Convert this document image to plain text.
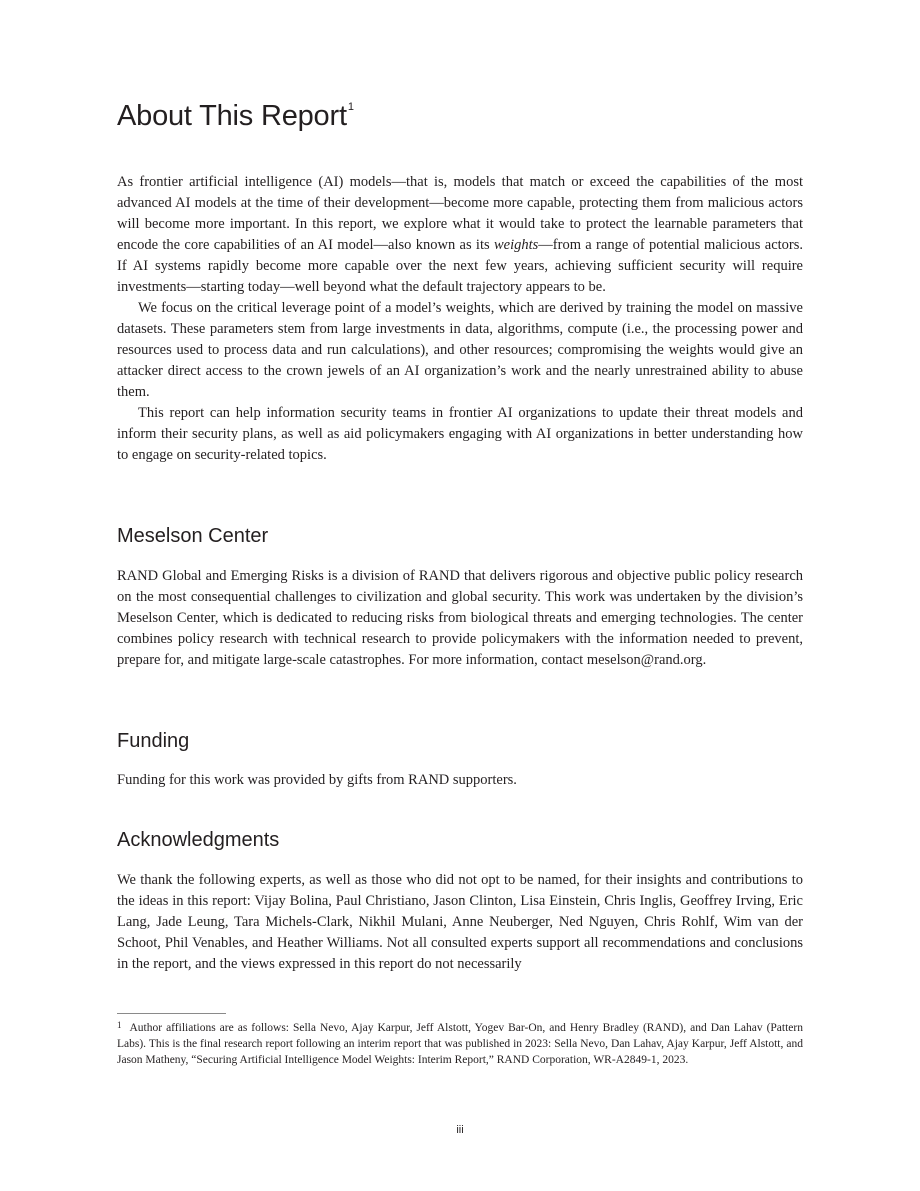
About This Report$^1$

As frontier artificial intelligence (AI) models—that is, models that match or exceed the capabilities of the most advanced AI models at the time of their development—become more capable, protecting them from malicious actors will become more important. In this report, we explore what it would take to protect the learnable parameters that encode the core capabilities of an AI model—also known as its weights—from a range of potential malicious actors. If AI systems rapidly become more capable over the next few years, achieving sufficient security will require investments—starting today—well beyond what the default trajectory appears to be.

We focus on the critical leverage point of a model’s weights, which are derived by training the model on massive datasets. These parameters stem from large investments in data, algorithms, compute (i.e., the processing power and resources used to process data and run calculations), and other resources; compromising the weights would give an attacker direct access to the crown jewels of an AI organization’s work and the nearly unrestrained ability to abuse them.

This report can help information security teams in frontier AI organizations to update their threat models and inform their security plans, as well as aid policymakers engaging with AI organizations in better understanding how to engage on security-related topics.

Meselson Center

RAND Global and Emerging Risks is a division of RAND that delivers rigorous and objective public policy research on the most consequential challenges to civilization and global security. This work was undertaken by the division’s Meselson Center, which is dedicated to reducing risks from biological threats and emerging technologies. The center combines policy research with technical research to provide policymakers with the information needed to prevent, prepare for, and mitigate large-scale catastrophes. For more information, contact meselson@rand.org.

Funding

Funding for this work was provided by gifts from RAND supporters.

Acknowledgments

We thank the following experts, as well as those who did not opt to be named, for their insights and contributions to the ideas in this report: Vijay Bolina, Paul Christiano, Jason Clinton, Lisa Einstein, Chris Inglis, Geoffrey Irving, Eric Lang, Jade Leung, Tara Michels-Clark, Nikhil Mulani, Anne Neuberger, Ned Nguyen, Chris Rohlf, Wim van der Schoot, Phil Venables, and Heather Williams. Not all consulted experts support all recommendations and conclusions in the report, and the views expressed in this report do not necessarily

$^1$ Author affiliations are as follows: Sella Nevo, Ajay Karpur, Jeff Alstott, Yogev Bar-On, and Henry Bradley (RAND), and Dan Lahav (Pattern Labs). This is the final research report following an interim report that was published in 2023: Sella Nevo, Dan Lahav, Ajay Karpur, Jeff Alstott, and Jason Matheny, “Securing Artificial Intelligence Model Weights: Interim Report,” RAND Corporation, WR-A2849-1, 2023.

iii
